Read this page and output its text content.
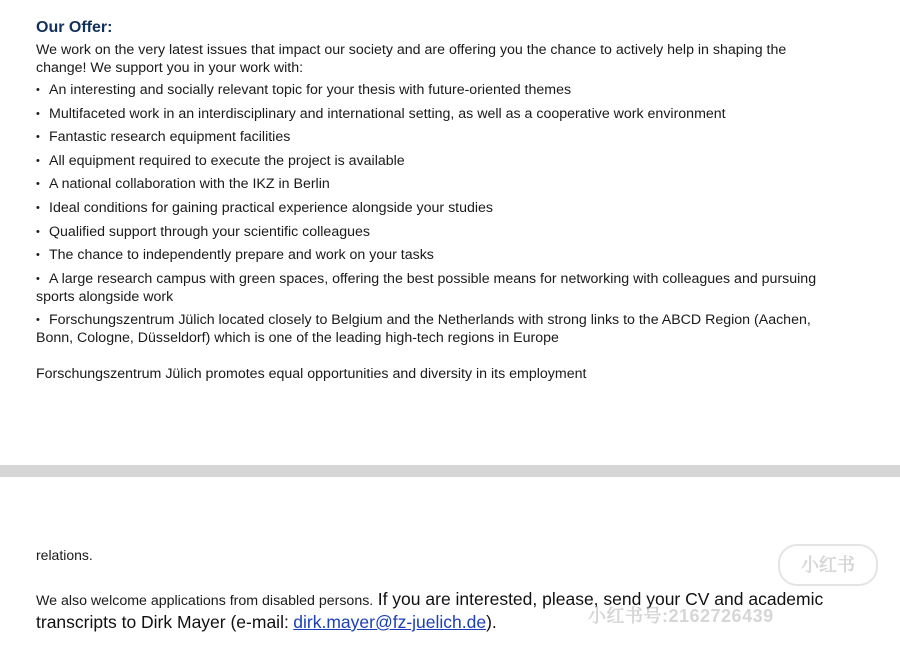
Our Offer:

We work on the very latest issues that impact our society and are offering you the chance to actively help in shaping the change! We support you in your work with:

• An interesting and socially relevant topic for your thesis with future-oriented themes
• Multifaceted work in an interdisciplinary and international setting, as well as a cooperative work environment
• Fantastic research equipment facilities
• All equipment required to execute the project is available
• A national collaboration with the IKZ in Berlin
• Ideal conditions for gaining practical experience alongside your studies
• Qualified support through your scientific colleagues
• The chance to independently prepare and work on your tasks
• A large research campus with green spaces, offering the best possible means for networking with colleagues and pursuing sports alongside work
• Forschungszentrum Jülich located closely to Belgium and the Netherlands with strong links to the ABCD Region (Aachen, Bonn, Cologne, Düsseldorf) which is one of the leading high-tech regions in Europe

Forschungszentrum Jülich promotes equal opportunities and diversity in its employment

relations.

We also welcome applications from disabled persons. If you are interested, please, send your CV and academic transcripts to Dirk Mayer (e-mail: dirk.mayer@fz-juelich.de).

小红书
小红书号:2162726439
